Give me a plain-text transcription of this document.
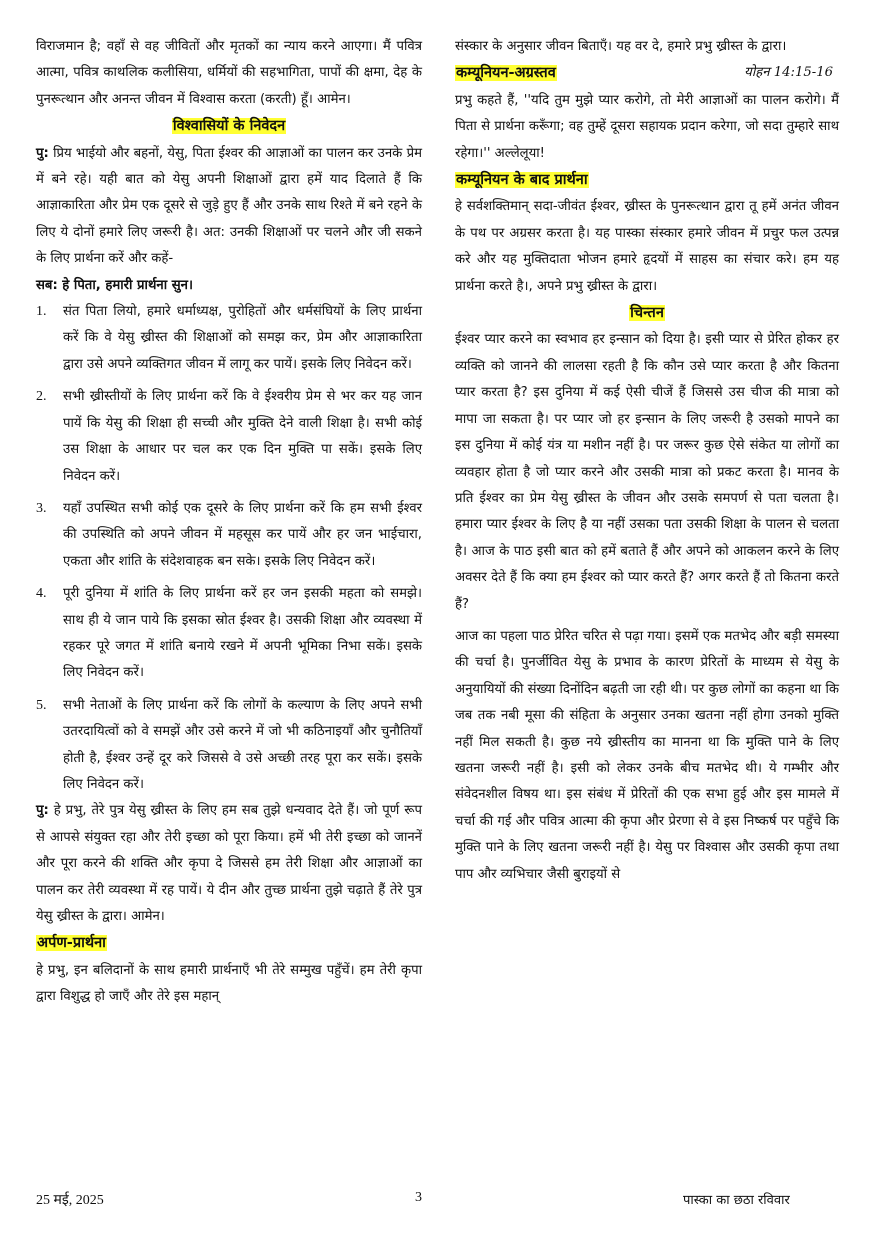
विराजमान है; वहाँ से वह जीवितों और मृतकों का न्याय करने आएगा। मैं पवित्र आत्मा, पवित्र काथलिक कलीसिया, धर्मियों की सहभागिता, पापों की क्षमा, देह के पुनरूत्थान और अनन्त जीवन में विश्वास करता (करती) हूँ। आमेन।

विश्वासियों के निवेदन

पु: प्रिय भाईयो और बहनों, येसु, पिता ईश्वर की आज्ञाओं का पालन कर उनके प्रेम में बने रहे। यही बात को येसु अपनी शिक्षाओं द्वारा हमें याद दिलाते हैं कि आज्ञाकारिता और प्रेम एक दूसरे से जुड़े हुए हैं और उनके साथ रिश्ते में बने रहने के लिए ये दोनों हमारे लिए जरूरी है। अत: उनकी शिक्षाओं पर चलने और जी सकने के लिए प्रार्थना करें और कहें-

सब: हे पिता, हमारी प्रार्थना सुन।

1. संत पिता लियो, हमारे धर्माध्यक्ष, पुरोहितों और धर्मसंघियों के लिए प्रार्थना करें कि वे येसु ख्रीस्त की शिक्षाओं को समझ कर, प्रेम और आज्ञाकारिता द्वारा उसे अपने व्यक्तिगत जीवन में लागू कर पायें। इसके लिए निवेदन करें।
2. सभी ख्रीस्तीयों के लिए प्रार्थना करें कि वे ईश्वरीय प्रेम से भर कर यह जान पायें कि येसु की शिक्षा ही सच्ची और मुक्ति देने वाली शिक्षा है। सभी कोई उस शिक्षा के आधार पर चल कर एक दिन मुक्ति पा सकें। इसके लिए निवेदन करें।
3. यहाँ उपस्थित सभी कोई एक दूसरे के लिए प्रार्थना करें कि हम सभी ईश्वर की उपस्थिति को अपने जीवन में महसूस कर पायें और हर जन भाईचारा, एकता और शांति के संदेशवाहक बन सके। इसके लिए निवेदन करें।
4. पूरी दुनिया में शांति के लिए प्रार्थना करें हर जन इसकी महता को समझे। साथ ही ये जान पाये कि इसका स्रोत ईश्वर है। उसकी शिक्षा और व्यवस्था में रहकर पूरे जगत में शांति बनाये रखने में अपनी भूमिका निभा सकें। इसके लिए निवेदन करें।
5. सभी नेताओं के लिए प्रार्थना करें कि लोगों के कल्याण के लिए अपने सभी उतरदायित्वों को वे समझें और उसे करने में जो भी कठिनाइयाँ और चुनौतियाँ होती है, ईश्वर उन्हें दूर करे जिससे वे उसे अच्छी तरह पूरा कर सकें। इसके लिए निवेदन करें।

पु: हे प्रभु, तेरे पुत्र येसु ख्रीस्त के लिए हम सब तुझे धन्यवाद देते हैं। जो पूर्ण रूप से आपसे संयुक्त रहा और तेरी इच्छा को पूरा किया। हमें भी तेरी इच्छा को जाननें और पूरा करने की शक्ति और कृपा दे जिससे हम तेरी शिक्षा और आज्ञाओं का पालन कर तेरी व्यवस्था में रह पायें। ये दीन और तुच्छ प्रार्थना तुझे चढ़ाते हैं तेरे पुत्र येसु ख्रीस्त के द्वारा। आमेन।

अर्पण-प्रार्थना

हे प्रभु, इन बलिदानों के साथ हमारी प्रार्थनाएँ भी तेरे सम्मुख पहुँचें। हम तेरी कृपा द्वारा विशुद्ध हो जाएँ और तेरे इस महान्

संस्कार के अनुसार जीवन बिताएँ। यह वर दे, हमारे प्रभु ख्रीस्त के द्वारा।

कम्यूनियन-अग्रस्तव	योहन 14:15-16

प्रभु कहते हैं, ''यदि तुम मुझे प्यार करोगे, तो मेरी आज्ञाओं का पालन करोगे। मैं पिता से प्रार्थना करूँगा; वह तुम्हें दूसरा सहायक प्रदान करेगा, जो सदा तुम्हारे साथ रहेगा।'' अल्लेलूया!

कम्यूनियन के बाद प्रार्थना

हे सर्वशक्तिमान् सदा-जीवंत ईश्वर, ख्रीस्त के पुनरूत्थान द्वारा तू हमें अनंत जीवन के पथ पर अग्रसर करता है। यह पास्का संस्कार हमारे जीवन में प्रचुर फल उत्पन्न करे और यह मुक्तिदाता भोजन हमारे हृदयों में साहस का संचार करे। हम यह प्रार्थना करते है।, अपने प्रभु ख्रीस्त के द्वारा।

चिन्तन

ईश्वर प्यार करने का स्वभाव हर इन्सान को दिया है। इसी प्यार से प्रेरित होकर हर व्यक्ति को जानने की लालसा रहती है कि कौन उसे प्यार करता है और कितना प्यार करता है? इस दुनिया में कई ऐसी चीजें हैं जिससे उस चीज की मात्रा को मापा जा सकता है। पर प्यार जो हर इन्सान के लिए जरूरी है उसको मापने का इस दुनिया में कोई यंत्र या मशीन नहीं है। पर जरूर कुछ ऐसे संकेत या लोगों का व्यवहार होता है जो प्यार करने और उसकी मात्रा को प्रकट करता है। मानव के प्रति ईश्वर का प्रेम येसु ख्रीस्त के जीवन और उसके समपर्ण से पता चलता है। हमारा प्यार ईश्वर के लिए है या नहीं उसका पता उसकी शिक्षा के पालन से चलता है। आज के पाठ इसी बात को हमें बताते हैं और अपने को आकलन करने के लिए अवसर देते हैं कि क्या हम ईश्वर को प्यार करते हैं? अगर करते हैं तो कितना करते हैं?

आज का पहला पाठ प्रेरित चरित से पढ़ा गया। इसमें एक मतभेद और बड़ी समस्या की चर्चा है। पुनर्जीवित येसु के प्रभाव के कारण प्रेरितों के माध्यम से येसु के अनुयायियों की संख्या दिनोंदिन बढ़ती जा रही थी। पर कुछ लोगों का कहना था कि जब तक नबी मूसा की संहिता के अनुसार उनका खतना नहीं होगा उनको मुक्ति नहीं मिल सकती है। कुछ नये ख्रीस्तीय का मानना था कि मुक्ति पाने के लिए खतना जरूरी नहीं है। इसी को लेकर उनके बीच मतभेद थी। ये गम्भीर और संवेदनशील विषय था। इस संबंध में प्रेरितों की एक सभा हुई और इस मामले में चर्चा की गई और पवित्र आत्मा की कृपा और प्रेरणा से वे इस निष्कर्ष पर पहुँचे कि मुक्ति पाने के लिए खतना जरूरी नहीं है। येसु पर विश्वास और उसकी कृपा तथा पाप और व्यभिचार जैसी बुराइयों से

25 मई, 2025	3	पास्का का छठा रविवार
